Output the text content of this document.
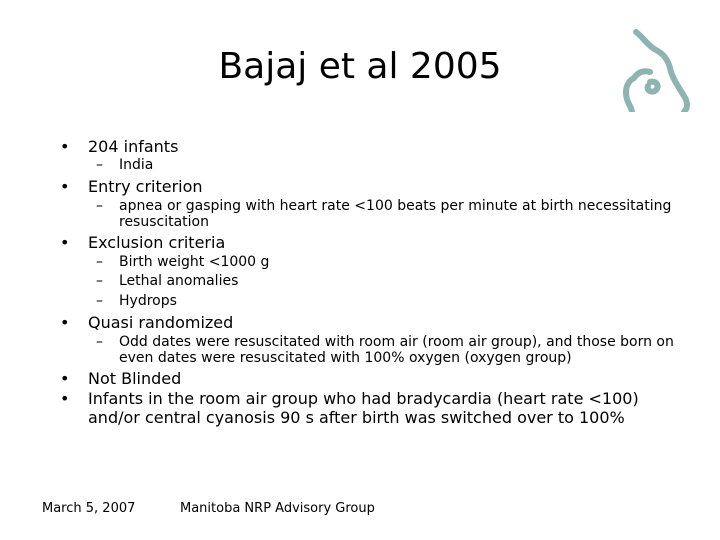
Bajaj et al 2005
• 204 infants
– India
• Entry criterion
– apnea or gasping with heart rate <100 beats per minute at birth necessitating resuscitation
• Exclusion criteria
– Birth weight <1000 g
– Lethal anomalies
– Hydrops
• Quasi randomized
– Odd dates were resuscitated with room air (room air group), and those born on even dates were resuscitated with 100% oxygen (oxygen group)
• Not Blinded
• Infants in the room air group who had bradycardia (heart rate <100) and/or central cyanosis 90 s after birth was switched over to 100%
March 5, 2007	Manitoba NRP Advisory Group
